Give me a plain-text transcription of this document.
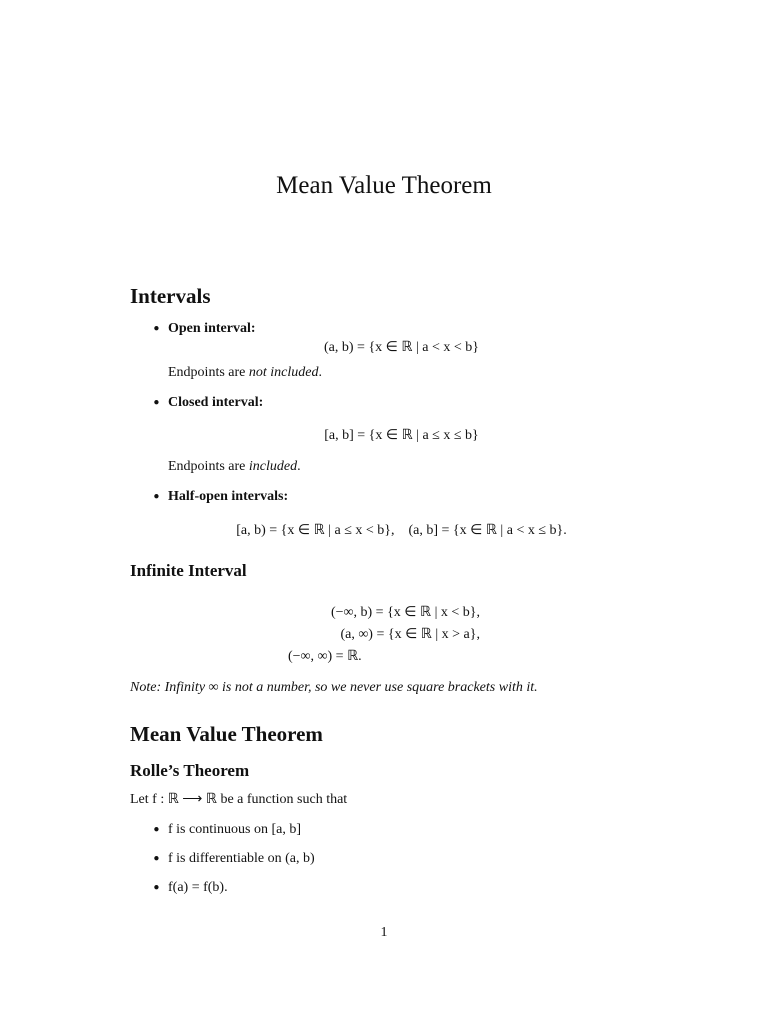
Mean Value Theorem
Intervals
• Open interval:
(a, b) = {x ∈ ℝ | a < x < b}
Endpoints are not included.
• Closed interval:
[a, b] = {x ∈ ℝ | a ≤ x ≤ b}
Endpoints are included.
• Half-open intervals:
[a, b) = {x ∈ ℝ | a ≤ x < b},    (a, b] = {x ∈ ℝ | a < x ≤ b}.
Infinite Interval
(−∞, b) = {x ∈ ℝ | x < b},
(a, ∞) = {x ∈ ℝ | x > a},
(−∞, ∞) = ℝ.
Note: Infinity ∞ is not a number, so we never use square brackets with it.
Mean Value Theorem
Rolle’s Theorem
Let f : ℝ ⟶ ℝ be a function such that
• f is continuous on [a, b]
• f is differentiable on (a, b)
• f(a) = f(b).
1
